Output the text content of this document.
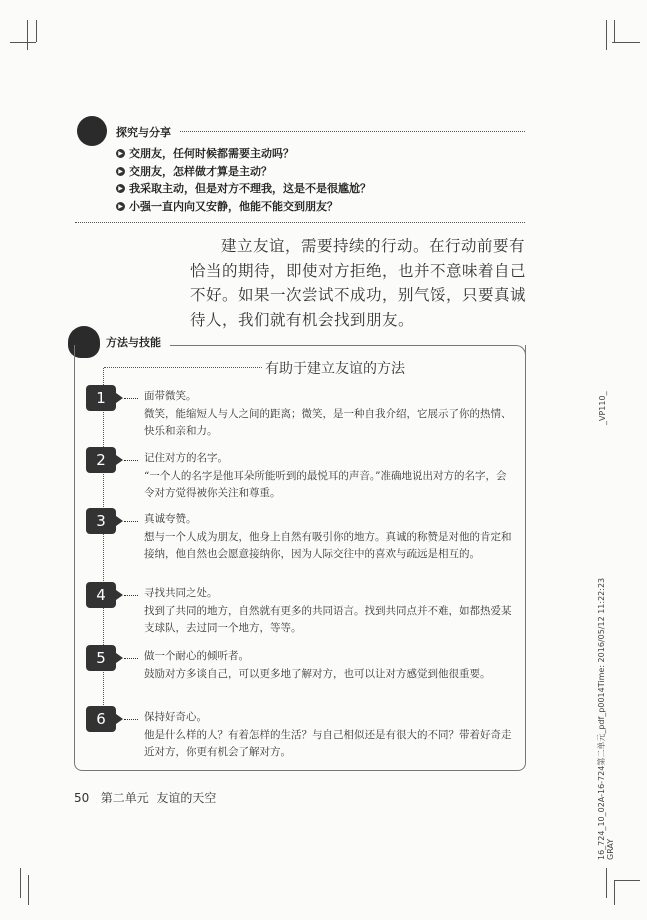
探究与分享
▶ 交朋友，任何时候都需要主动吗？
▶ 交朋友，怎样做才算是主动？
▶ 我采取主动，但是对方不理我，这是不是很尴尬？
▶ 小强一直内向又安静，他能不能交到朋友？
建立友谊，需要持续的行动。在行动前要有恰当的期待，即使对方拒绝，也并不意味着自己不好。如果一次尝试不成功，别气馁，只要真诚待人，我们就有机会找到朋友。
方法与技能
有助于建立友谊的方法
1	面带微笑。
微笑，能缩短人与人之间的距离；微笑，是一种自我介绍，它展示了你的热情、快乐和亲和力。
2	记住对方的名字。
“一个人的名字是他耳朵所能听到的最悦耳的声音。”准确地说出对方的名字，会令对方觉得被你关注和尊重。
3	真诚夸赞。
想与一个人成为朋友，他身上自然有吸引你的地方。真诚的称赞是对他的肯定和接纳，他自然也会愿意接纳你，因为人际交往中的喜欢与疏远是相互的。
4	寻找共同之处。
找到了共同的地方，自然就有更多的共同语言。找到共同点并不难，如都热爱某支球队，去过同一个地方，等等。
5	做一个耐心的倾听者。
鼓励对方多谈自己，可以更多地了解对方，也可以让对方感觉到他很重要。
6	保持好奇心。
他是什么样的人？有着怎样的生活？与自己相似还是有很大的不同？带着好奇走近对方，你更有机会了解对方。
50 第二单元 友谊的天空
_VP110_
16_724_10_02A-16-724第二单元_pdf_p0014Time: 2016/05/12 11:22:23 GRAY
